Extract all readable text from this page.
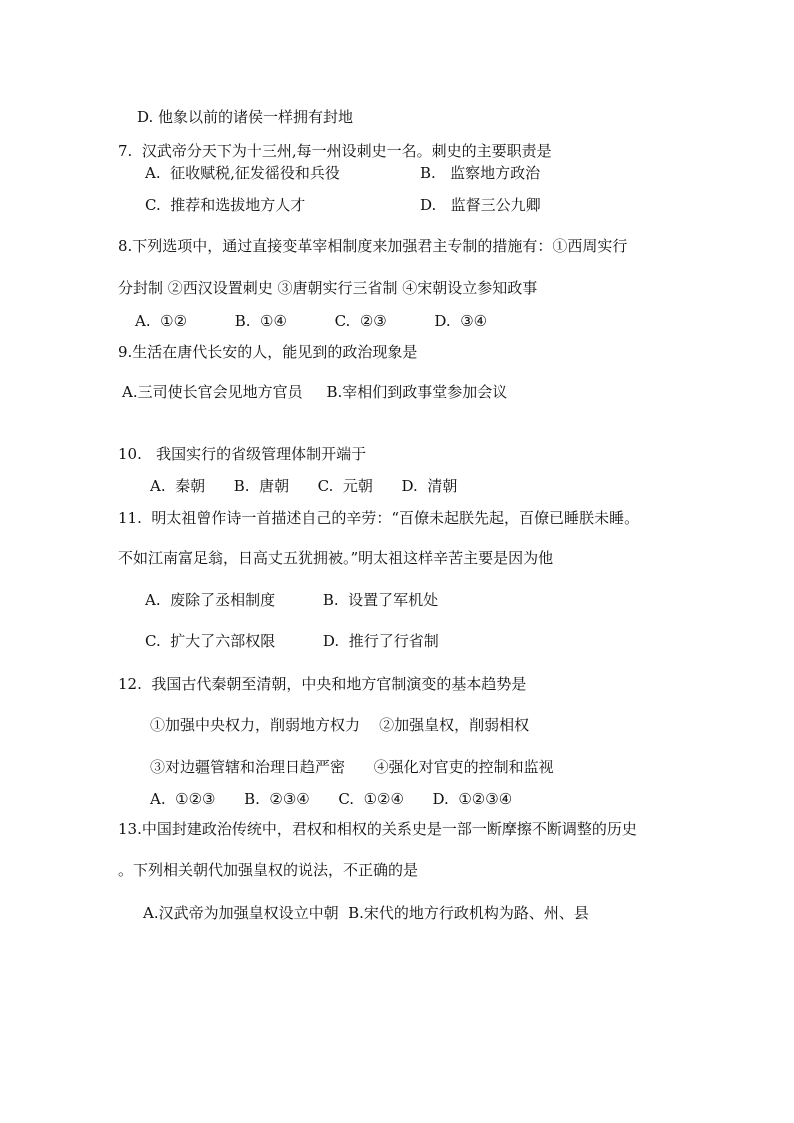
D. 他象以前的诸侯一样拥有封地
7.  汉武帝分天下为十三州,每一州设刺史一名。刺史的主要职责是
A.  征收赋税,征发徭役和兵役	B.   监察地方政治
C.  推荐和选拔地方人才	D.   监督三公九卿
8.下列选项中，通过直接变革宰相制度来加强君主专制的措施有：①西周实行
分封制 ②西汉设置刺史 ③唐朝实行三省制 ④宋朝设立参知政事
A.  ①②          B.  ①④          C.  ②③          D.  ③④
9.生活在唐代长安的人，能见到的政治现象是
A.三司使长官会见地方官员     B.宰相们到政事堂参加会议
10.   我国实行的省级管理体制开端于
A.  秦朝      B.  唐朝      C.  元朝      D.  清朝
11.  明太祖曾作诗一首描述自己的辛劳：“百僚未起朕先起，百僚已睡朕未睡。
不如江南富足翁，日高丈五犹拥被。”明太祖这样辛苦主要是因为他
A.  废除了丞相制度          B.  设置了军机处
C.  扩大了六部权限          D.  推行了行省制
12.  我国古代秦朝至清朝，中央和地方官制演变的基本趋势是
①加强中央权力，削弱地方权力    ②加强皇权，削弱相权
③对边疆管辖和治理日趋严密      ④强化对官吏的控制和监视
A.  ①②③      B.  ②③④      C.  ①②④      D.  ①②③④
13.中国封建政治传统中，君权和相权的关系史是一部一断摩擦不断调整的历史
。下列相关朝代加强皇权的说法，不正确的是
A.汉武帝为加强皇权设立中朝  B.宋代的地方行政机构为路、州、县
